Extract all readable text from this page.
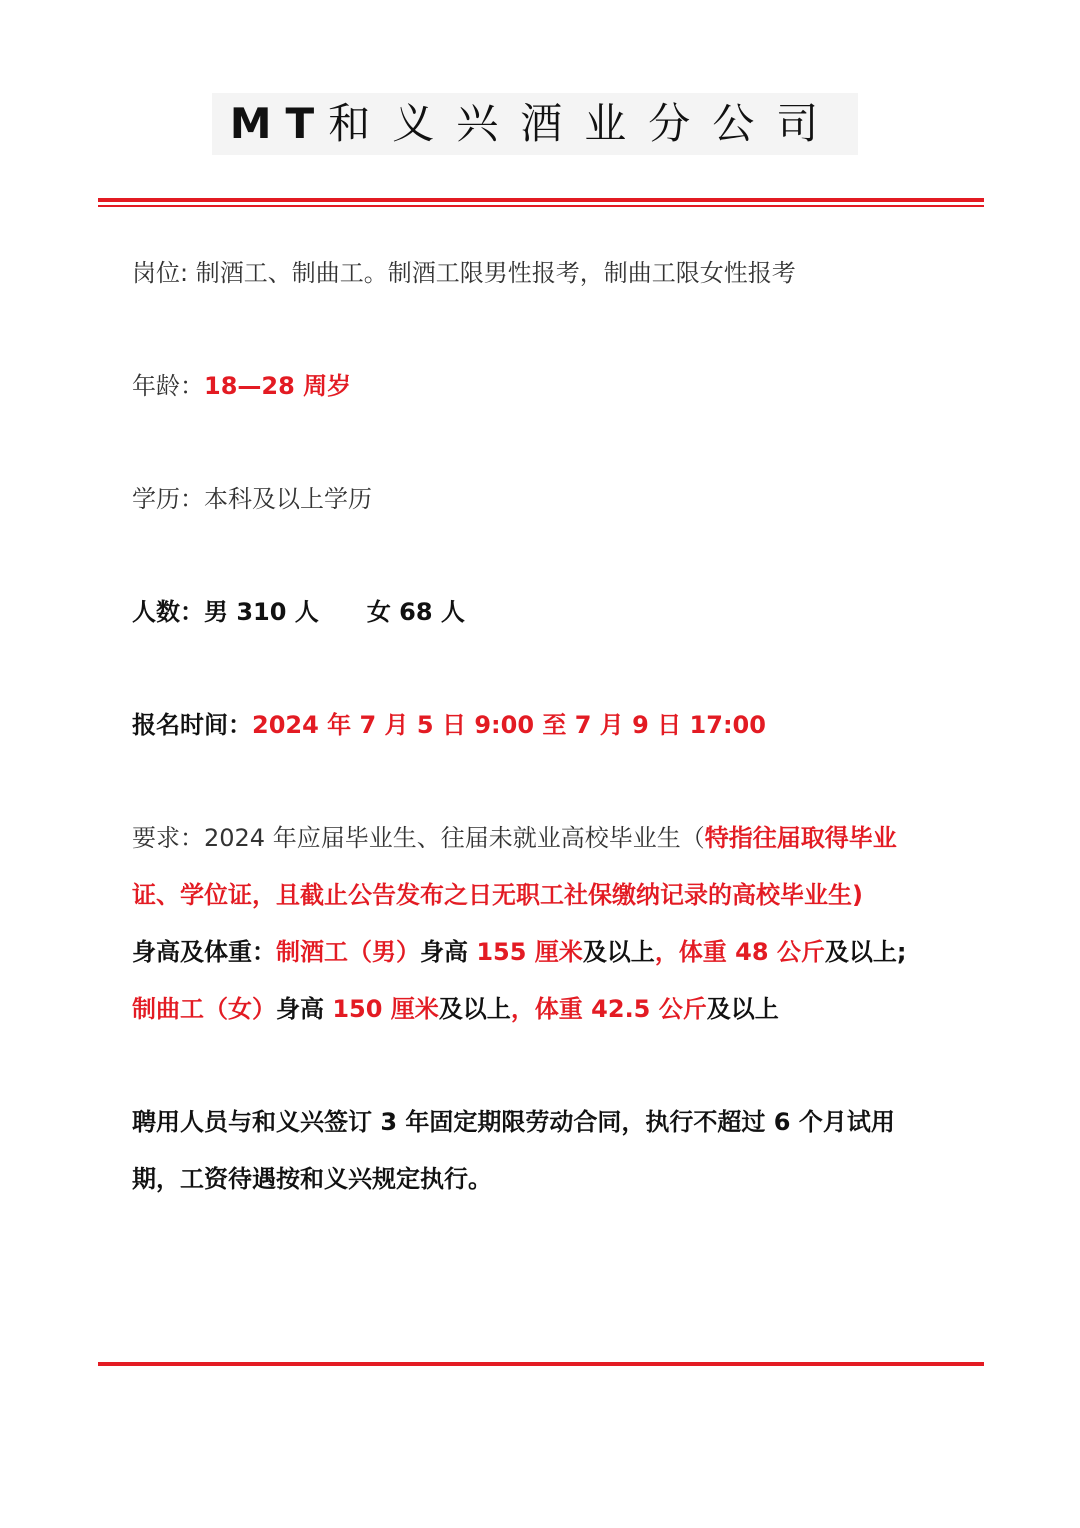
MT和义兴酒业分公司
岗位: 制酒工、制曲工。制酒工限男性报考，制曲工限女性报考
年龄：18—28 周岁
学历：本科及以上学历
人数：男 310 人 女 68 人
报名时间：2024 年 7 月 5 日 9:00 至 7 月 9 日 17:00
要求：2024 年应届毕业生、往届未就业高校毕业生（特指往届取得毕业
证、学位证，且截止公告发布之日无职工社保缴纳记录的高校毕业生)
身高及体重：制酒工（男）身高 155 厘米及以上，体重 48 公斤及以上;
制曲工（女）身高 150 厘米及以上，体重 42.5 公斤及以上
聘用人员与和义兴签订 3 年固定期限劳动合同，执行不超过 6 个月试用
期，工资待遇按和义兴规定执行。
